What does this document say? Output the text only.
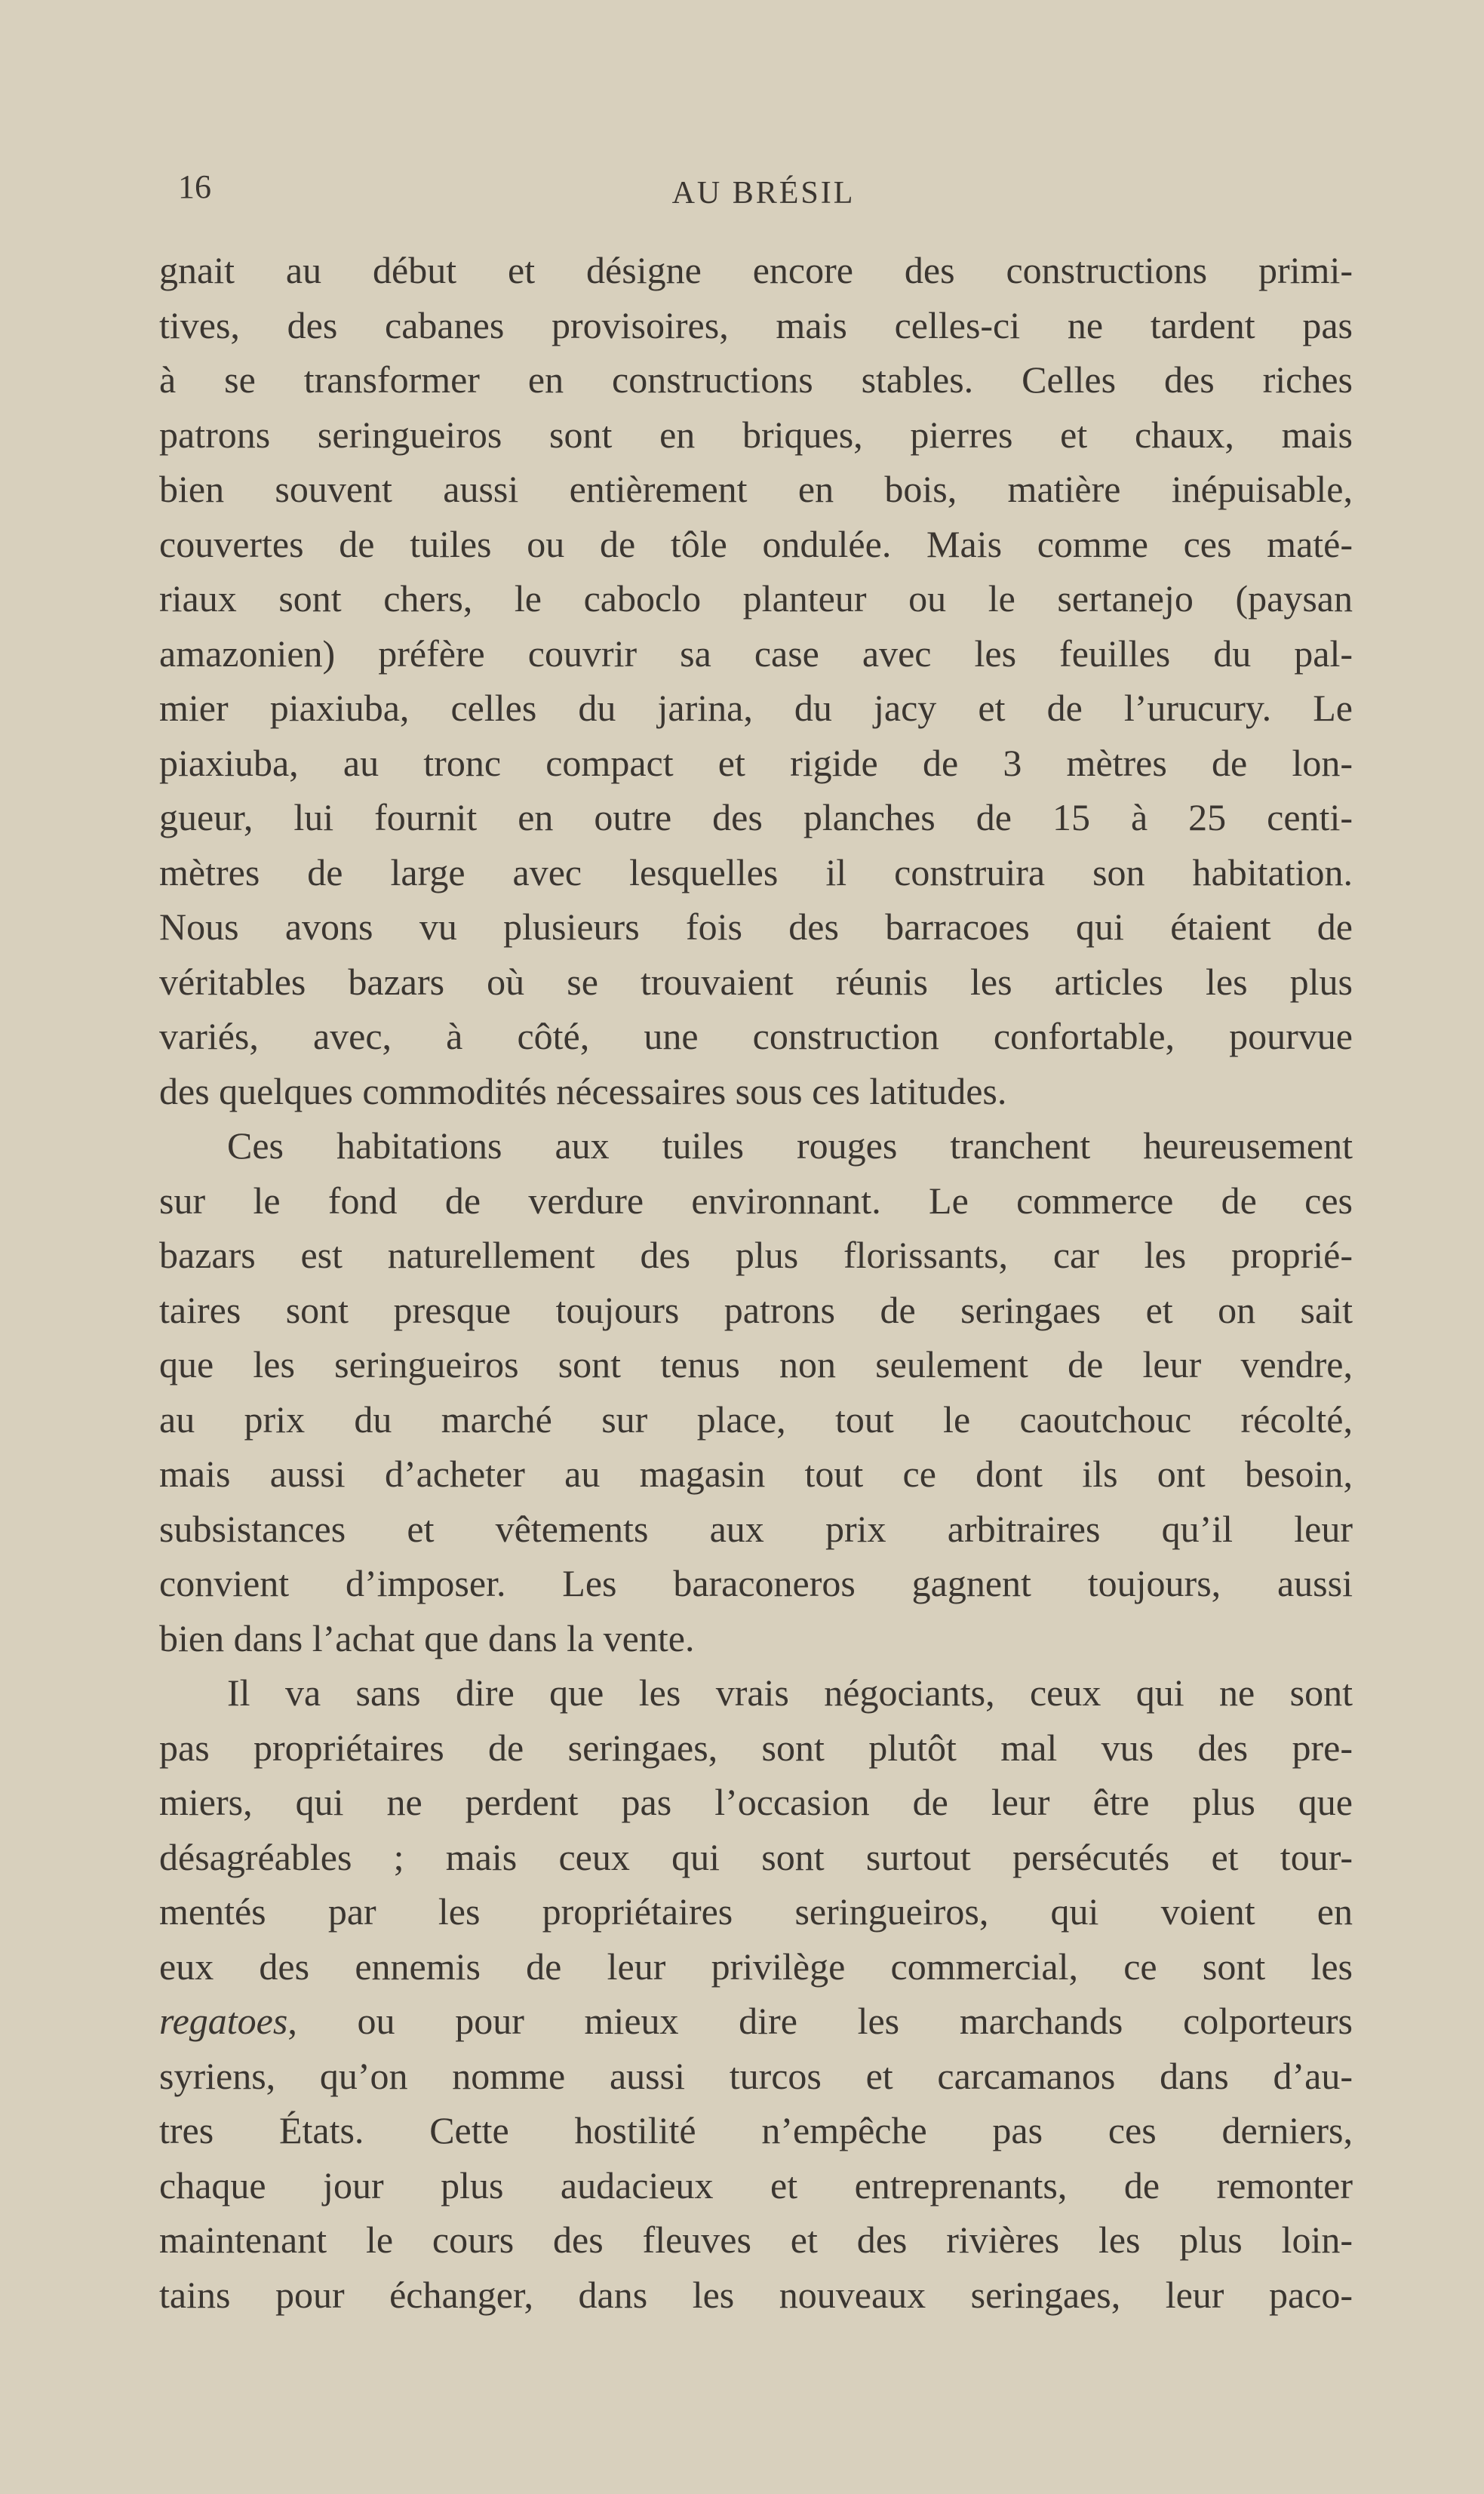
16	AU BRÉSIL
gnait au début et désigne encore des constructions primi-
tives, des cabanes provisoires, mais celles-ci ne tardent pas
à se transformer en constructions stables. Celles des riches
patrons seringueiros sont en briques, pierres et chaux, mais
bien souvent aussi entièrement en bois, matière inépuisable,
couvertes de tuiles ou de tôle ondulée. Mais comme ces maté-
riaux sont chers, le caboclo planteur ou le sertanejo (paysan
amazonien) préfère couvrir sa case avec les feuilles du pal-
mier piaxiuba, celles du jarina, du jacy et de l’urucury. Le
piaxiuba, au tronc compact et rigide de 3 mètres de lon-
gueur, lui fournit en outre des planches de 15 à 25 centi-
mètres de large avec lesquelles il construira son habitation.
Nous avons vu plusieurs fois des barracoes qui étaient de
véritables bazars où se trouvaient réunis les articles les plus
variés, avec, à côté, une construction confortable, pourvue
des quelques commodités nécessaires sous ces latitudes.
Ces habitations aux tuiles rouges tranchent heureusement
sur le fond de verdure environnant. Le commerce de ces
bazars est naturellement des plus florissants, car les proprié-
taires sont presque toujours patrons de seringaes et on sait
que les seringueiros sont tenus non seulement de leur vendre,
au prix du marché sur place, tout le caoutchouc récolté,
mais aussi d’acheter au magasin tout ce dont ils ont besoin,
subsistances et vêtements aux prix arbitraires qu’il leur
convient d’imposer. Les baraconeros gagnent toujours, aussi
bien dans l’achat que dans la vente.
Il va sans dire que les vrais négociants, ceux qui ne sont
pas propriétaires de seringaes, sont plutôt mal vus des pre-
miers, qui ne perdent pas l’occasion de leur être plus que
désagréables ; mais ceux qui sont surtout persécutés et tour-
mentés par les propriétaires seringueiros, qui voient en
eux des ennemis de leur privilège commercial, ce sont les
regatoes, ou pour mieux dire les marchands colporteurs
syriens, qu’on nomme aussi turcos et carcamanos dans d’au-
tres États. Cette hostilité n’empêche pas ces derniers,
chaque jour plus audacieux et entreprenants, de remonter
maintenant le cours des fleuves et des rivières les plus loin-
tains pour échanger, dans les nouveaux seringaes, leur paco-
